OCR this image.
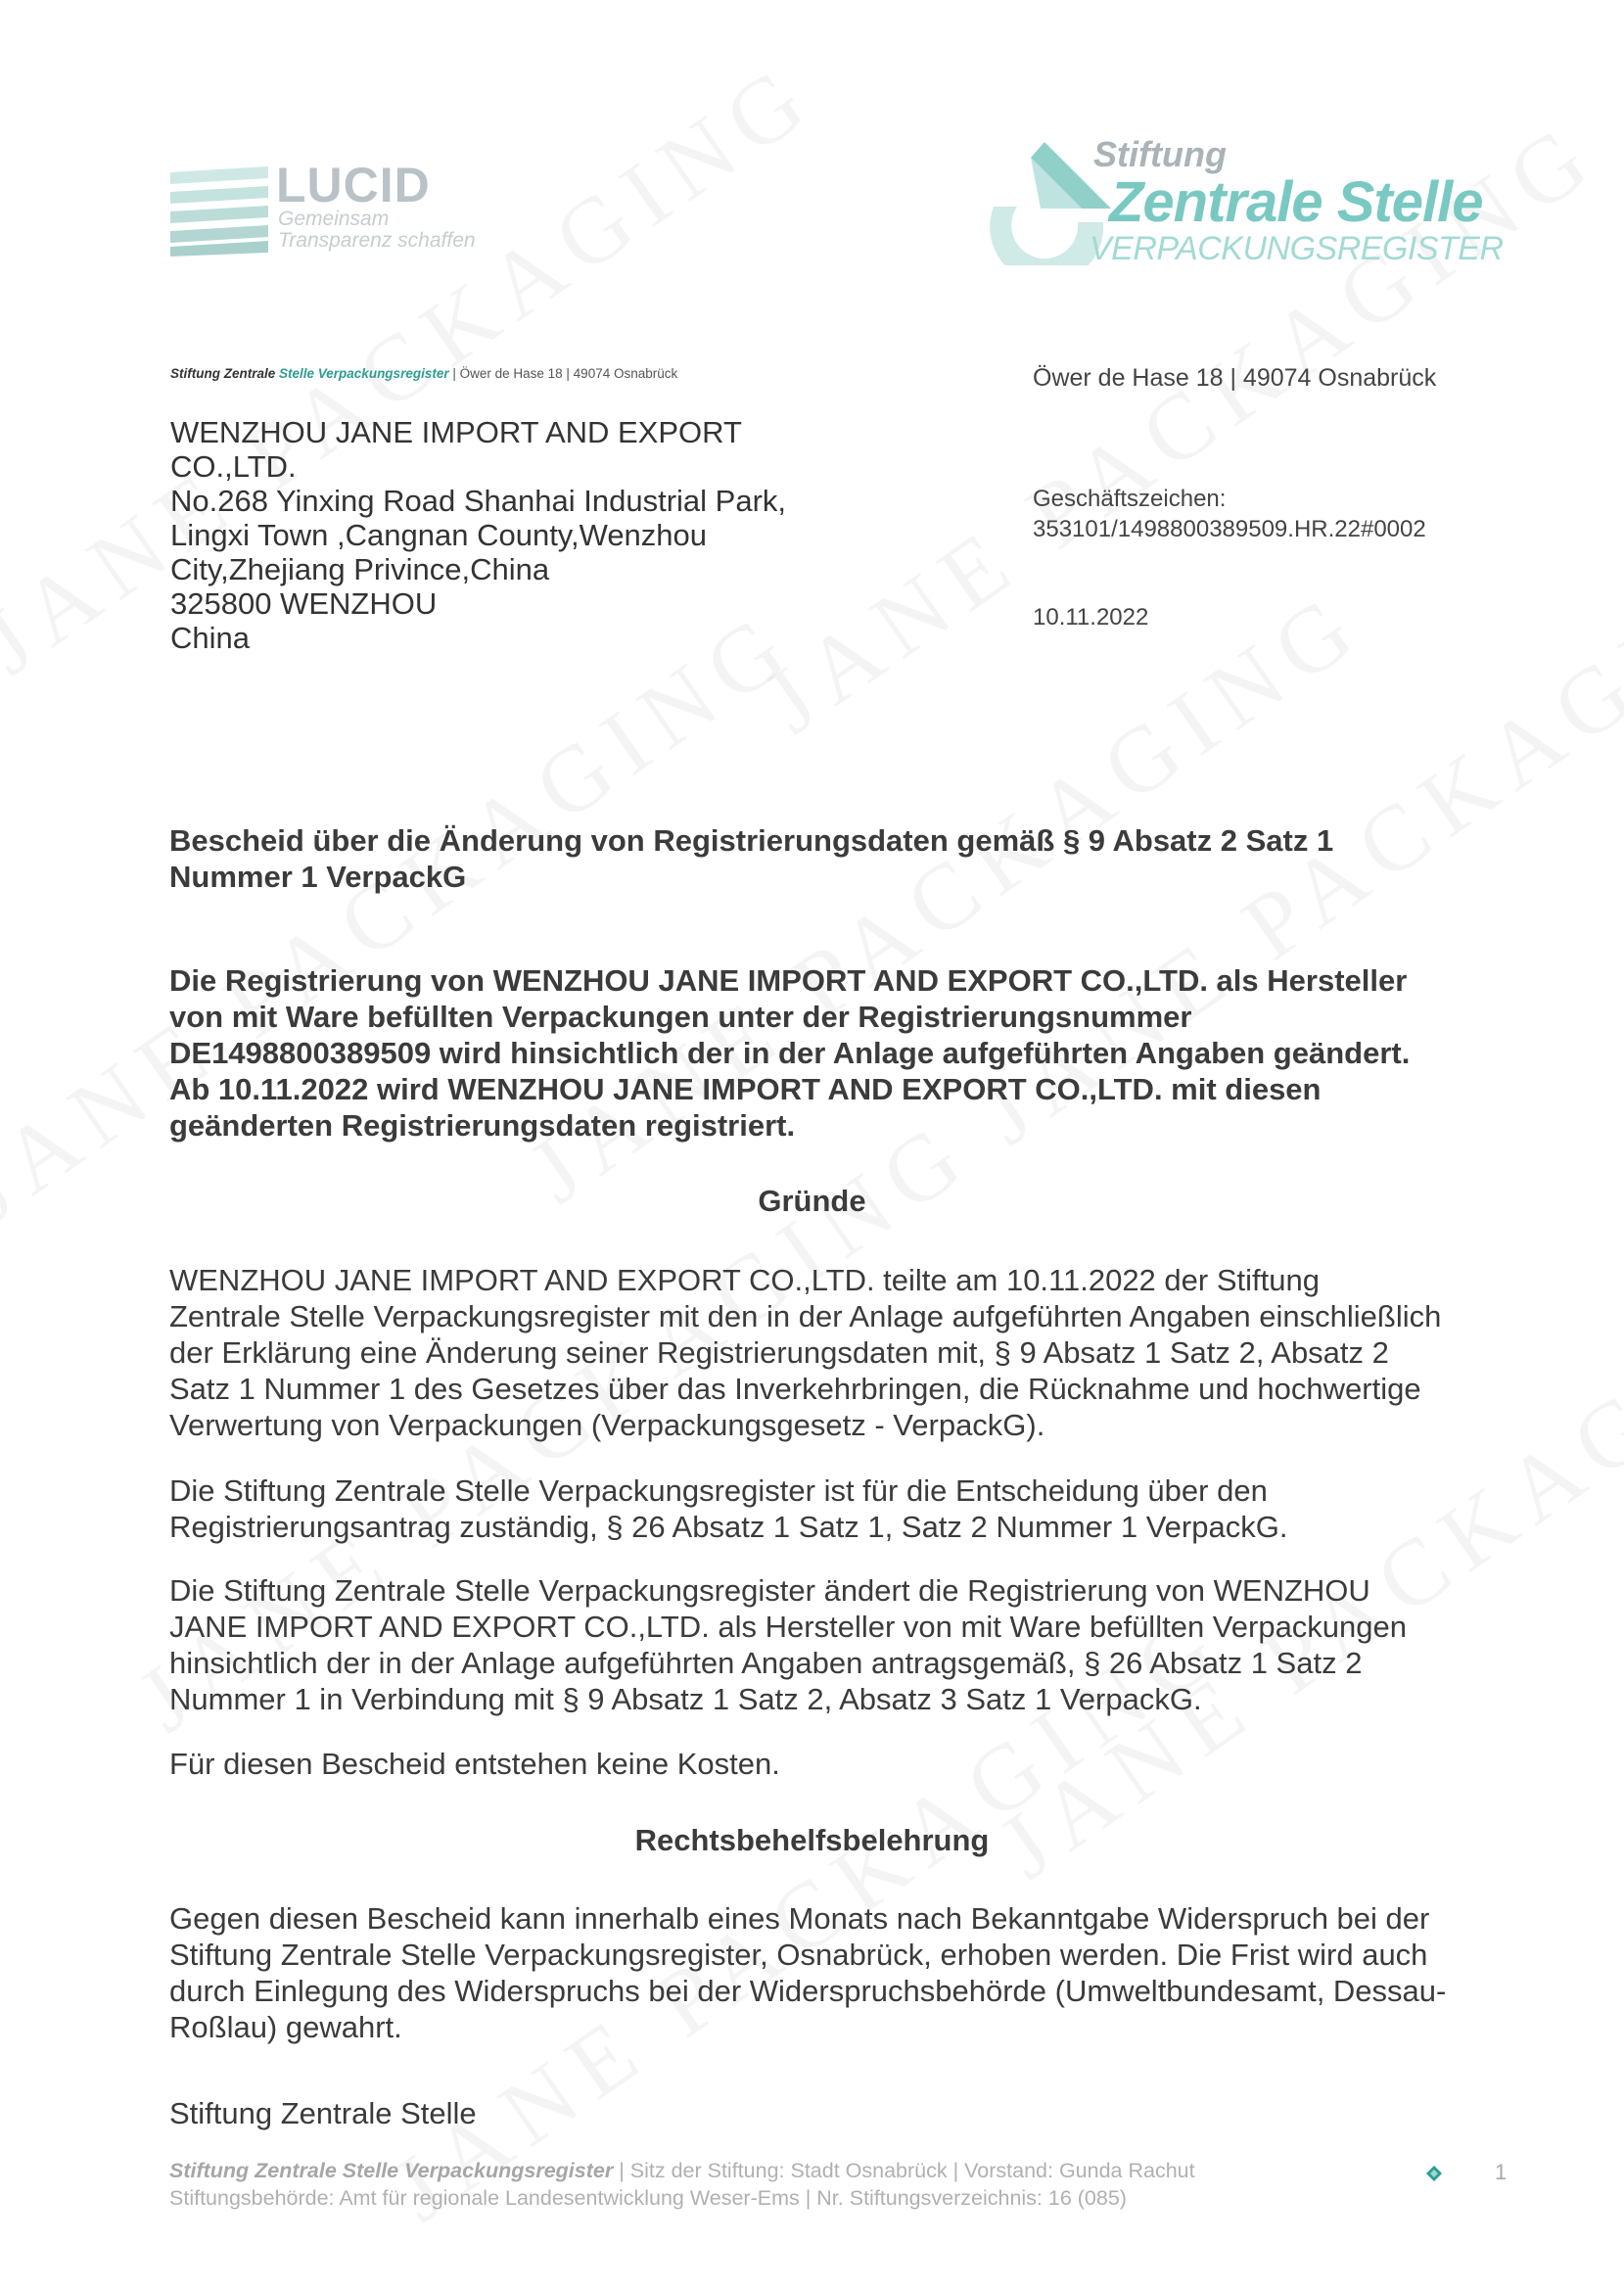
LUCID
Gemeinsam
Transparenz schaffen
Stiftung
Zentrale Stelle
VERPACKUNGSREGISTER
Stiftung Zentrale Stelle Verpackungsregister | Öwer de Hase 18 | 49074 Osnabrück
WENZHOU JANE IMPORT AND EXPORT
CO.,LTD.
No.268 Yinxing Road Shanhai Industrial Park,
Lingxi Town ,Cangnan County,Wenzhou
City,Zhejiang Privince,China
325800 WENZHOU
China
Öwer de Hase 18 | 49074 Osnabrück
Geschäftszeichen:
353101/1498800389509.HR.22#0002
10.11.2022
Bescheid über die Änderung von Registrierungsdaten gemäß § 9 Absatz 2 Satz 1
Nummer 1 VerpackG
Die Registrierung von WENZHOU JANE IMPORT AND EXPORT CO.,LTD. als Hersteller
von mit Ware befüllten Verpackungen unter der Registrierungsnummer
DE1498800389509 wird hinsichtlich der in der Anlage aufgeführten Angaben geändert.
Ab 10.11.2022 wird WENZHOU JANE IMPORT AND EXPORT CO.,LTD. mit diesen
geänderten Registrierungsdaten registriert.
Gründe
WENZHOU JANE IMPORT AND EXPORT CO.,LTD. teilte am 10.11.2022 der Stiftung
Zentrale Stelle Verpackungsregister mit den in der Anlage aufgeführten Angaben einschließlich
der Erklärung eine Änderung seiner Registrierungsdaten mit, § 9 Absatz 1 Satz 2, Absatz 2
Satz 1 Nummer 1 des Gesetzes über das Inverkehrbringen, die Rücknahme und hochwertige
Verwertung von Verpackungen (Verpackungsgesetz - VerpackG).
Die Stiftung Zentrale Stelle Verpackungsregister ist für die Entscheidung über den
Registrierungsantrag zuständig, § 26 Absatz 1 Satz 1, Satz 2 Nummer 1 VerpackG.
Die Stiftung Zentrale Stelle Verpackungsregister ändert die Registrierung von WENZHOU
JANE IMPORT AND EXPORT CO.,LTD. als Hersteller von mit Ware befüllten Verpackungen
hinsichtlich der in der Anlage aufgeführten Angaben antragsgemäß, § 26 Absatz 1 Satz 2
Nummer 1 in Verbindung mit § 9 Absatz 1 Satz 2, Absatz 3 Satz 1 VerpackG.
Für diesen Bescheid entstehen keine Kosten.
Rechtsbehelfsbelehrung
Gegen diesen Bescheid kann innerhalb eines Monats nach Bekanntgabe Widerspruch bei der
Stiftung Zentrale Stelle Verpackungsregister, Osnabrück, erhoben werden. Die Frist wird auch
durch Einlegung des Widerspruchs bei der Widerspruchsbehörde (Umweltbundesamt, Dessau-
Roßlau) gewahrt.
Stiftung Zentrale Stelle
Stiftung Zentrale Stelle Verpackungsregister | Sitz der Stiftung: Stadt Osnabrück | Vorstand: Gunda Rachut
Stiftungsbehörde: Amt für regionale Landesentwicklung Weser-Ems | Nr. Stiftungsverzeichnis: 16 (085)
1
